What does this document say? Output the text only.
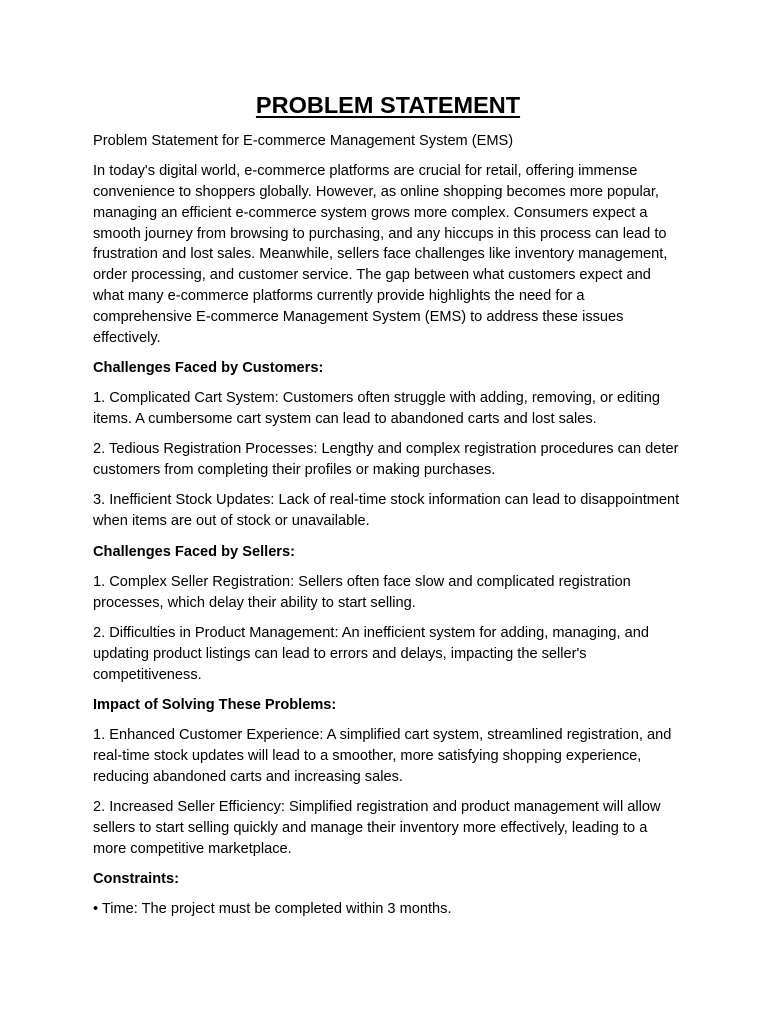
PROBLEM STATEMENT

Problem Statement for E-commerce Management System (EMS)

In today's digital world, e-commerce platforms are crucial for retail, offering immense convenience to shoppers globally. However, as online shopping becomes more popular, managing an efficient e-commerce system grows more complex. Consumers expect a smooth journey from browsing to purchasing, and any hiccups in this process can lead to frustration and lost sales. Meanwhile, sellers face challenges like inventory management, order processing, and customer service. The gap between what customers expect and what many e-commerce platforms currently provide highlights the need for a comprehensive E-commerce Management System (EMS) to address these issues effectively.

Challenges Faced by Customers:

1. Complicated Cart System: Customers often struggle with adding, removing, or editing items. A cumbersome cart system can lead to abandoned carts and lost sales.

2. Tedious Registration Processes: Lengthy and complex registration procedures can deter customers from completing their profiles or making purchases.

3. Inefficient Stock Updates: Lack of real-time stock information can lead to disappointment when items are out of stock or unavailable.

Challenges Faced by Sellers:

1. Complex Seller Registration: Sellers often face slow and complicated registration processes, which delay their ability to start selling.

2. Difficulties in Product Management: An inefficient system for adding, managing, and updating product listings can lead to errors and delays, impacting the seller's competitiveness.

Impact of Solving These Problems:

1. Enhanced Customer Experience: A simplified cart system, streamlined registration, and real-time stock updates will lead to a smoother, more satisfying shopping experience, reducing abandoned carts and increasing sales.

2. Increased Seller Efficiency: Simplified registration and product management will allow sellers to start selling quickly and manage their inventory more effectively, leading to a more competitive marketplace.

Constraints:

• Time: The project must be completed within 3 months.
